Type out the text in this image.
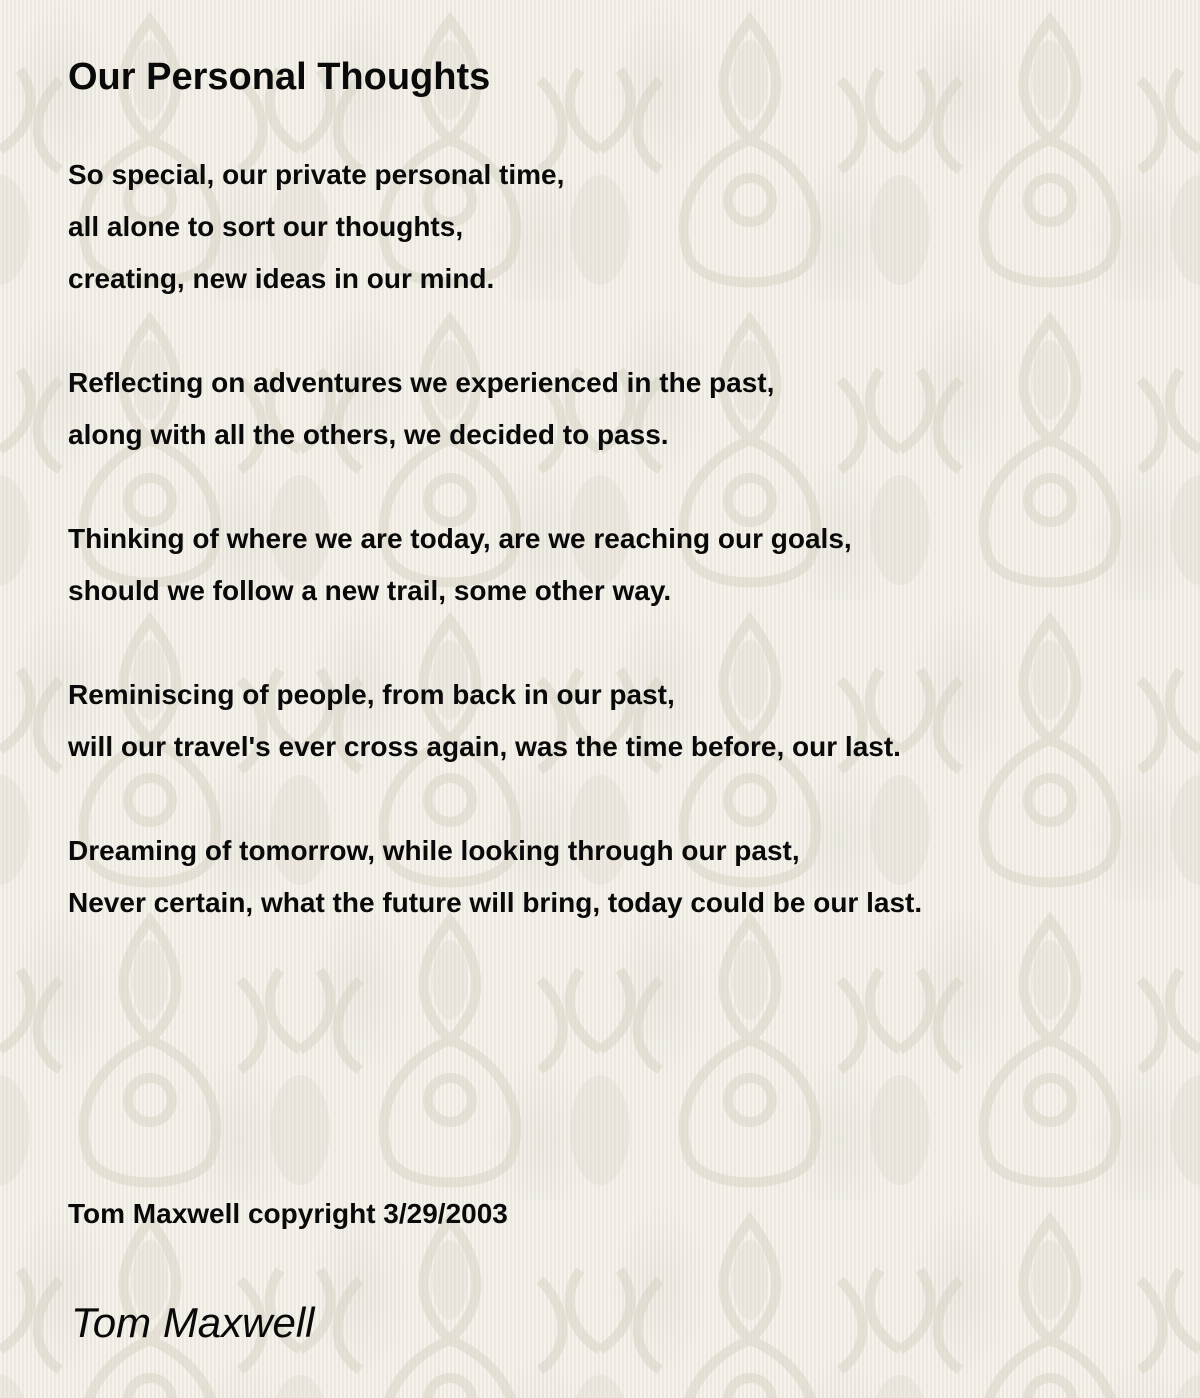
Our Personal Thoughts

So special, our private personal time,
all alone to sort our thoughts,
creating, new ideas in our mind.

Reflecting on adventures we experienced in the past,
along with all the others, we decided to pass.

Thinking of where we are today, are we reaching our goals,
should we follow a new trail, some other way.

Reminiscing of people, from back in our past,
will our travel's ever cross again, was the time before, our last.

Dreaming of tomorrow, while looking through our past,
Never certain, what the future will bring, today could be our last.

Tom Maxwell copyright 3/29/2003
Tom Maxwell
